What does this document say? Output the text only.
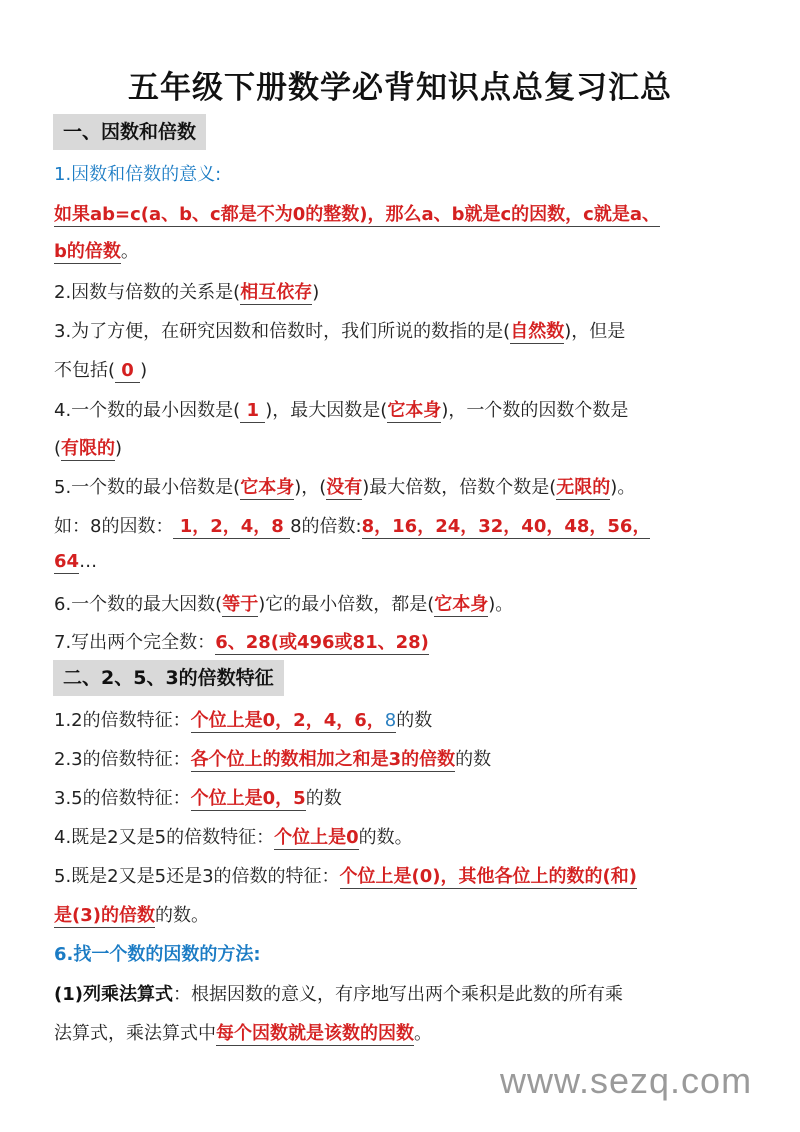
五年级下册数学必背知识点总复习汇总
一、因数和倍数
1.因数和倍数的意义:
如果ab=c(a、b、c都是不为0的整数)，那么a、b就是c的因数，c就是a、
b的倍数。
2.因数与倍数的关系是(相互依存)
3.为了方便，在研究因数和倍数时，我们所说的数指的是(自然数)，但是
不包括( 0 )
4.一个数的最小因数是( 1 )，最大因数是(它本身)，一个数的因数个数是
(有限的)
5.一个数的最小倍数是(它本身)，(没有)最大倍数，倍数个数是(无限的)。
如：8的因数： 1，2，4，8 8的倍数:8，16，24，32，40，48，56，
64…
6.一个数的最大因数(等于)它的最小倍数，都是(它本身)。
7.写出两个完全数：6、28(或496或81、28)
二、2、5、3的倍数特征
1.2的倍数特征：个位上是0，2，4，6，8的数
2.3的倍数特征：各个位上的数相加之和是3的倍数的数
3.5的倍数特征：个位上是0，5的数
4.既是2又是5的倍数特征：个位上是0的数。
5.既是2又是5还是3的倍数的特征：个位上是(0)，其他各位上的数的(和)
是(3)的倍数的数。
6.找一个数的因数的方法:
(1)列乘法算式：根据因数的意义，有序地写出两个乘积是此数的所有乘
法算式，乘法算式中每个因数就是该数的因数。
www.sezq.com
